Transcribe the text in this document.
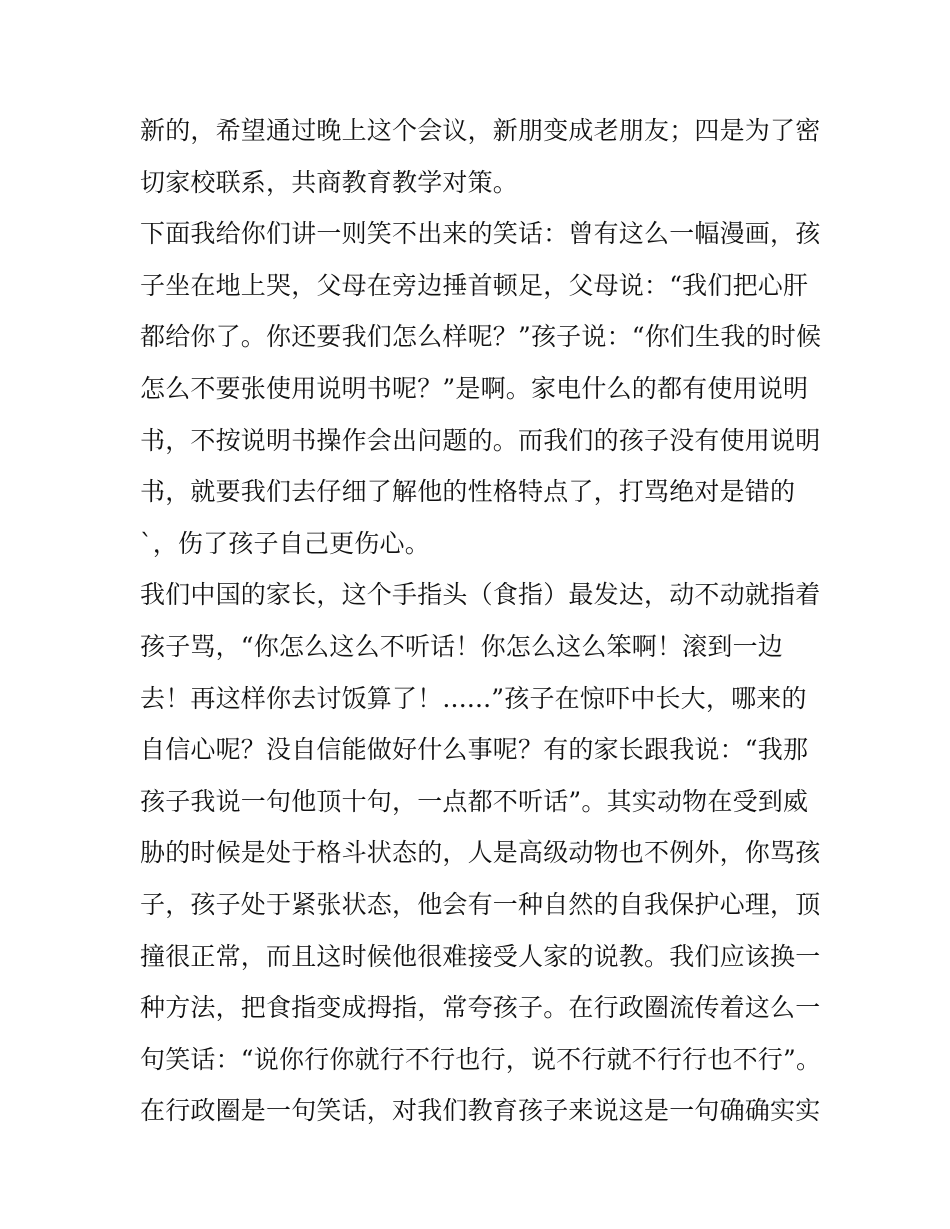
新的，希望通过晚上这个会议，新朋变成老朋友；四是为了密
切家校联系，共商教育教学对策。
下面我给你们讲一则笑不出来的笑话：曾有这么一幅漫画，孩
子坐在地上哭，父母在旁边捶首顿足，父母说：“我们把心肝
都给你了。你还要我们怎么样呢？”孩子说：“你们生我的时候
怎么不要张使用说明书呢？”是啊。家电什么的都有使用说明
书，不按说明书操作会出问题的。而我们的孩子没有使用说明
书，就要我们去仔细了解他的性格特点了，打骂绝对是错的
`，伤了孩子自己更伤心。
我们中国的家长，这个手指头（食指）最发达，动不动就指着
孩子骂，“你怎么这么不听话！你怎么这么笨啊！滚到一边
去！再这样你去讨饭算了！......”孩子在惊吓中长大，哪来的
自信心呢？没自信能做好什么事呢？有的家长跟我说：“我那
孩子我说一句他顶十句，一点都不听话”。其实动物在受到威
胁的时候是处于格斗状态的，人是高级动物也不例外，你骂孩
子，孩子处于紧张状态，他会有一种自然的自我保护心理，顶
撞很正常，而且这时候他很难接受人家的说教。我们应该换一
种方法，把食指变成拇指，常夸孩子。在行政圈流传着这么一
句笑话：“说你行你就行不行也行，说不行就不行行也不行”。
在行政圈是一句笑话，对我们教育孩子来说这是一句确确实实
